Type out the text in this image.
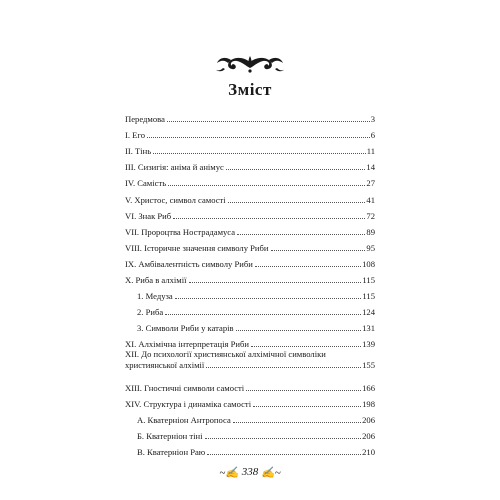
Зміст
Передмова	3
I. Его	6
II. Тінь	11
III. Сизигія: аніма й анімус	14
IV. Самість	27
V. Христос, символ самості	41
VI. Знак Риб	72
VII. Пророцтва Нострадамуса	89
VIII. Історичне значення символу Риби	95
IX. Амбівалентність символу Риби	108
X. Риба в алхімії	115
1. Медуза	115
2. Риба	124
3. Символи Риби у катарів	131
XI. Алхімічна інтерпретація Риби	139
XII. До психології християнської алхімічної символіки
християнської алхімії	155
XIII. Гностичні символи самості	166
XIV. Структура і динаміка самості	198
А. Кватерніон Антропоса	206
Б. Кватерніон тіні	206
В. Кватерніон Раю	210
~✍ 338 ✍~
